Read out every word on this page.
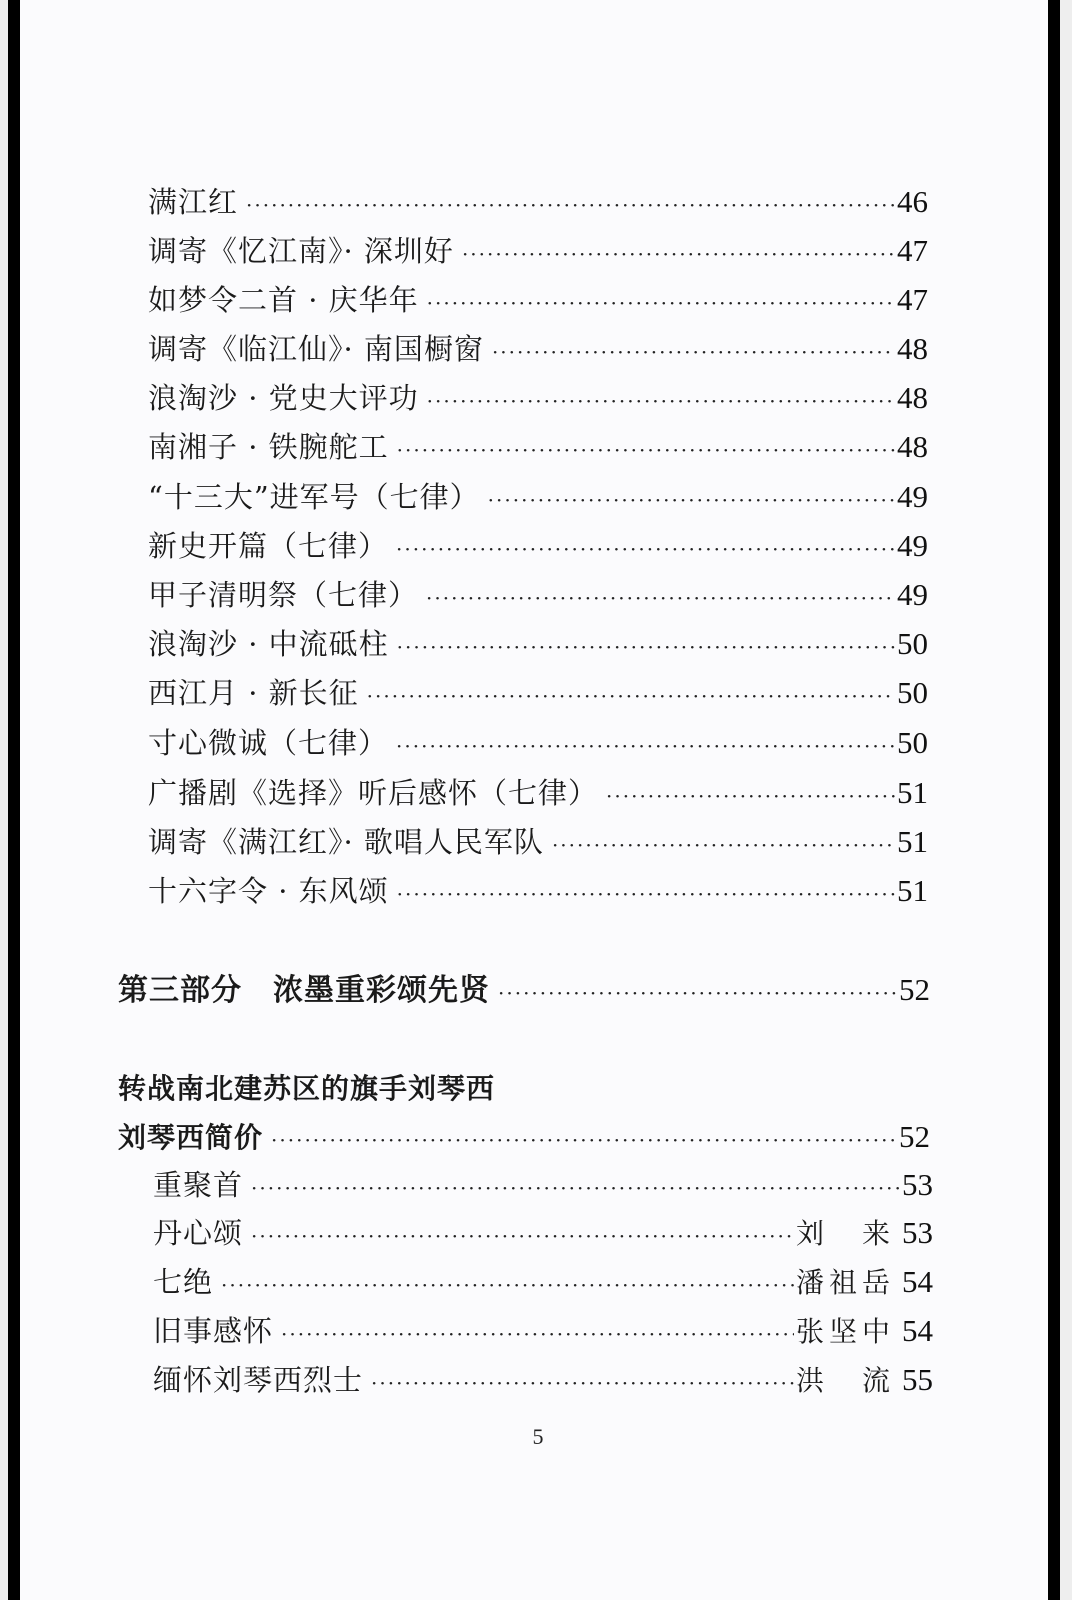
满江红 ·····	46
调寄《忆江南》· 深圳好 ·····	47
如梦令二首 · 庆华年 ·····	47
调寄《临江仙》· 南国橱窗 ·····	48
浪淘沙 · 党史大评功 ·····	48
南湘子 · 铁腕舵工 ·····	48
“十三大”进军号（七律） ·····	49
新史开篇（七律） ·····	49
甲子清明祭（七律） ·····	49
浪淘沙 · 中流砥柱 ·····	50
西江月 · 新长征 ·····	50
寸心微诚（七律） ·····	50
广播剧《选择》听后感怀（七律） ·····	51
调寄《满江红》· 歌唱人民军队 ·····	51
十六字令 · 东风颂 ·····	51
第三部分　浓墨重彩颂先贤 ·····	52
转战南北建苏区的旗手刘琴西
刘琴西简价 ·····	52
重聚首 ·····	53
丹心颂 ·····	刘　来 53
七绝 ·····	潘祖岳 54
旧事感怀 ·····	张坚中 54
缅怀刘琴西烈士 ·····	洪　流 55
5
